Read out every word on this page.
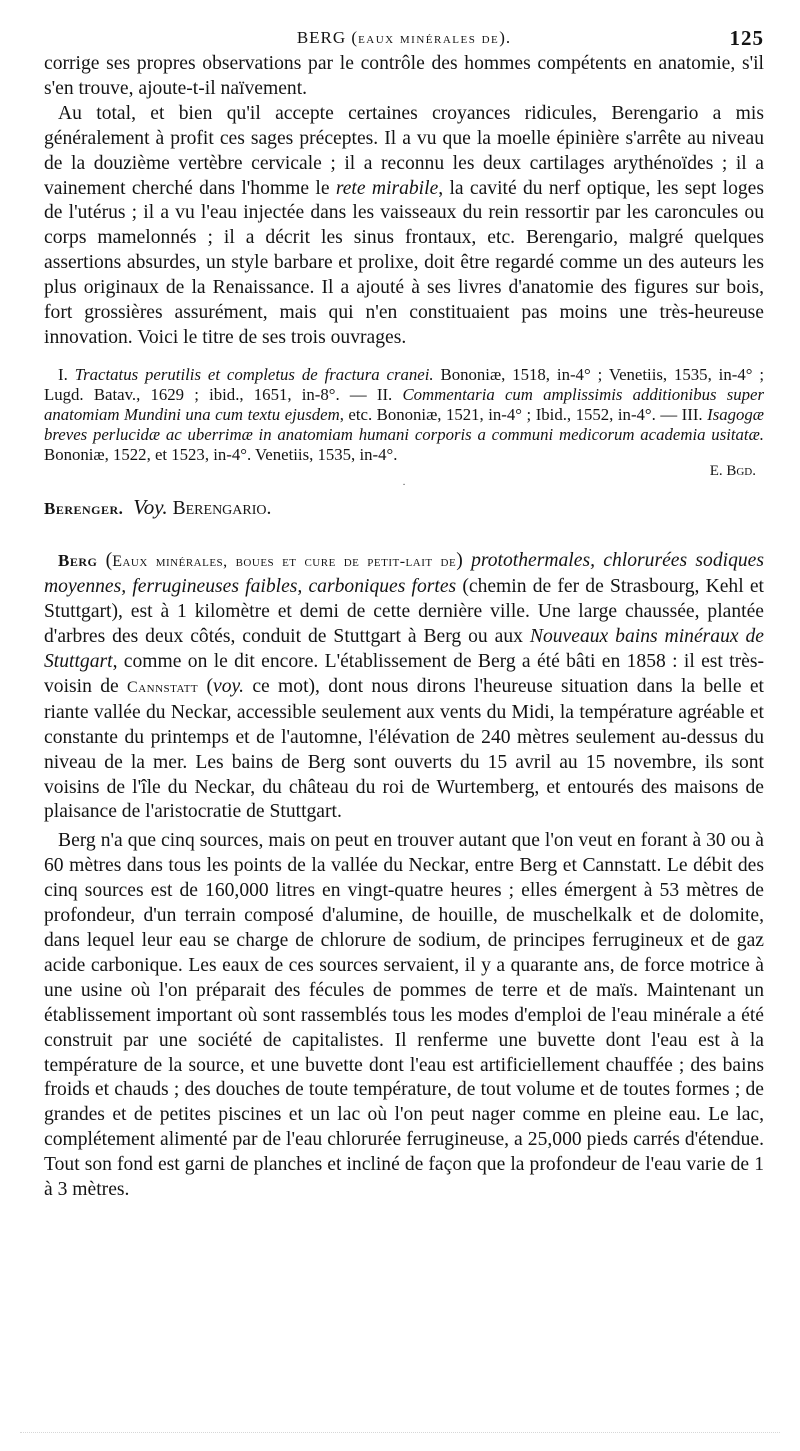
BERG (eaux minérales de).	125

corrige ses propres observations par le contrôle des hommes compétents en anatomie, s'il s'en trouve, ajoute-t-il naïvement.

Au total, et bien qu'il accepte certaines croyances ridicules, Berengario a mis généralement à profit ces sages préceptes. Il a vu que la moelle épinière s'arrête au niveau de la douzième vertèbre cervicale ; il a reconnu les deux cartilages arythénoïdes ; il a vainement cherché dans l'homme le rete mirabile, la cavité du nerf optique, les sept loges de l'utérus ; il a vu l'eau injectée dans les vaisseaux du rein ressortir par les caroncules ou corps mamelonnés ; il a décrit les sinus frontaux, etc. Berengario, malgré quelques assertions absurdes, un style barbare et prolixe, doit être regardé comme un des auteurs les plus originaux de la Renaissance. Il a ajouté à ses livres d'anatomie des figures sur bois, fort grossières assurément, mais qui n'en constituaient pas moins une très-heureuse innovation. Voici le titre de ses trois ouvrages.

I. Tractatus perutilis et completus de fractura cranei. Bononiæ, 1518, in-4° ; Venetiis, 1535, in-4° ; Lugd. Batav., 1629 ; ibid., 1651, in-8°. — II. Commentaria cum amplissimis additionibus super anatomiam Mundini una cum textu ejusdem, etc. Bononiæ, 1521, in-4° ; Ibid., 1552, in-4°. — III. Isagogæ breves perlucidæ ac uberrimæ in anatomiam humani corporis a communi medicorum academia usitatæ. Bononiæ, 1522, et 1523, in-4°. Venetiis, 1535, in-4°.

E. Bgd.
·

Berenger. Voy. Berengario.

Berg (Eaux minérales, boues et cure de petit-lait de) protothermales, chlorurées sodiques moyennes, ferrugineuses faibles, carboniques fortes (chemin de fer de Strasbourg, Kehl et Stuttgart), est à 1 kilomètre et demi de cette dernière ville. Une large chaussée, plantée d'arbres des deux côtés, conduit de Stuttgart à Berg ou aux Nouveaux bains minéraux de Stuttgart, comme on le dit encore. L'établissement de Berg a été bâti en 1858 : il est très-voisin de Cannstatt (voy. ce mot), dont nous dirons l'heureuse situation dans la belle et riante vallée du Neckar, accessible seulement aux vents du Midi, la température agréable et constante du printemps et de l'automne, l'élévation de 240 mètres seulement au-dessus du niveau de la mer. Les bains de Berg sont ouverts du 15 avril au 15 novembre, ils sont voisins de l'île du Neckar, du château du roi de Wurtemberg, et entourés des maisons de plaisance de l'aristocratie de Stuttgart.

Berg n'a que cinq sources, mais on peut en trouver autant que l'on veut en forant à 30 ou à 60 mètres dans tous les points de la vallée du Neckar, entre Berg et Cannstatt. Le débit des cinq sources est de 160,000 litres en vingt-quatre heures ; elles émergent à 53 mètres de profondeur, d'un terrain composé d'alumine, de houille, de muschelkalk et de dolomite, dans lequel leur eau se charge de chlorure de sodium, de principes ferrugineux et de gaz acide carbonique. Les eaux de ces sources servaient, il y a quarante ans, de force motrice à une usine où l'on préparait des fécules de pommes de terre et de maïs. Maintenant un établissement important où sont rassemblés tous les modes d'emploi de l'eau minérale a été construit par une société de capitalistes. Il renferme une buvette dont l'eau est à la température de la source, et une buvette dont l'eau est artificiellement chauffée ; des bains froids et chauds ; des douches de toute température, de tout volume et de toutes formes ; de grandes et de petites piscines et un lac où l'on peut nager comme en pleine eau. Le lac, complétement alimenté par de l'eau chlorurée ferrugineuse, a 25,000 pieds carrés d'étendue. Tout son fond est garni de planches et incliné de façon que la profondeur de l'eau varie de 1 à 3 mètres.
